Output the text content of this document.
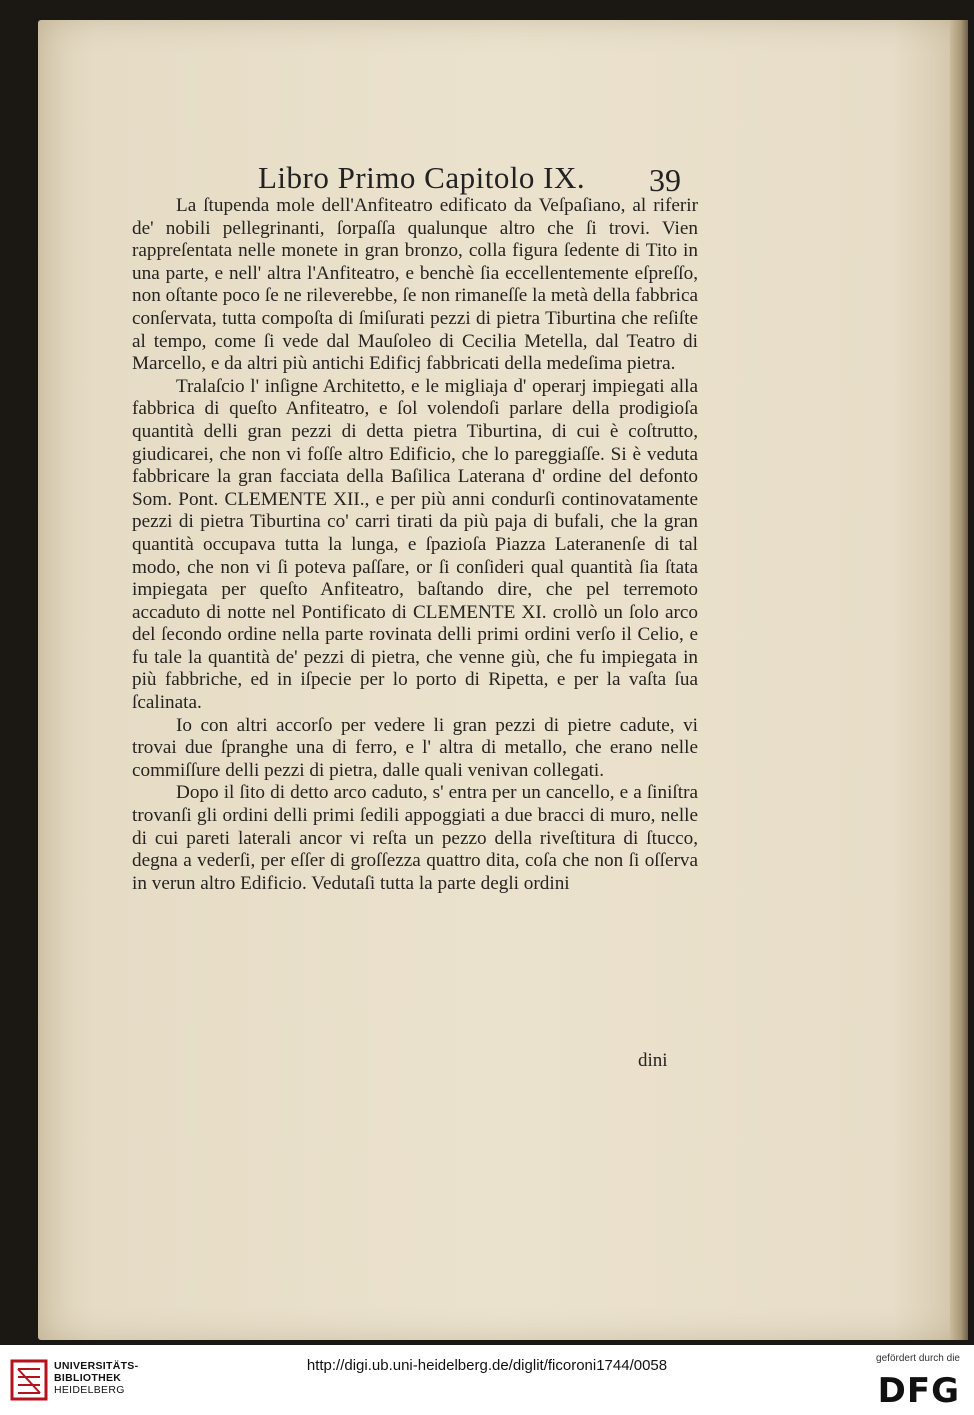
Libro Primo Capitolo IX. 39

La ſtupenda mole dell'Anfiteatro edificato da Veſpaſiano, al riferir de' nobili pellegrinanti, ſorpaſſa qualunque altro che ſi trovi. Vien rappreſentata nelle monete in gran bronzo, colla figura ſedente di Tito in una parte, e nell' altra l'Anfiteatro, e benchè ſia eccellentemente eſpreſſo, non oſtante poco ſe ne rileverebbe, ſe non rimaneſſe la metà della fabbrica conſervata, tutta compoſta di ſmiſurati pezzi di pietra Tiburtina che reſiſte al tempo, come ſi vede dal Mauſoleo di Cecilia Metella, dal Teatro di Marcello, e da altri più antichi Edificj fabbricati della medeſima pietra.

Tralaſcio l' inſigne Architetto, e le migliaja d' operarj impiegati alla fabbrica di queſto Anfiteatro, e ſol volendoſi parlare della prodigioſa quantità delli gran pezzi di detta pietra Tiburtina, di cui è coſtrutto, giudicarei, che non vi foſſe altro Edificio, che lo pareggiaſſe. Si è veduta fabbricare la gran facciata della Baſilica Laterana d' ordine del defonto Som. Pont. CLEMENTE XII., e per più anni condurſi continovatamente pezzi di pietra Tiburtina co' carri tirati da più paja di bufali, che la gran quantità occupava tutta la lunga, e ſpazioſa Piazza Lateranenſe di tal modo, che non vi ſi poteva paſſare, or ſi conſideri qual quantità ſia ſtata impiegata per queſto Anfiteatro, baſtando dire, che pel terremoto accaduto di notte nel Pontificato di CLEMENTE XI. crollò un ſolo arco del ſecondo ordine nella parte rovinata delli primi ordini verſo il Celio, e fu tale la quantità de' pezzi di pietra, che venne giù, che fu impiegata in più fabbriche, ed in iſpecie per lo porto di Ripetta, e per la vaſta ſua ſcalinata.

Io con altri accorſo per vedere li gran pezzi di pietre cadute, vi trovai due ſpranghe una di ferro, e l' altra di metallo, che erano nelle commiſſure delli pezzi di pietra, dalle quali venivan collegati.

Dopo il ſito di detto arco caduto, s' entra per un cancello, e a ſiniſtra trovanſi gli ordini delli primi ſedili appoggiati a due bracci di muro, nelle di cui pareti laterali ancor vi reſta un pezzo della riveſtitura di ſtucco, degna a vederſi, per eſſer di groſſezza quattro dita, coſa che non ſi oſſerva in verun altro Edificio. Vedutaſi tutta la parte degli ordini

dini
UNIVERSITÄTS-
BIBLIOTHEK
HEIDELBERG
http://digi.ub.uni-heidelberg.de/diglit/ficoroni1744/0058	gefördert durch die
DFG
